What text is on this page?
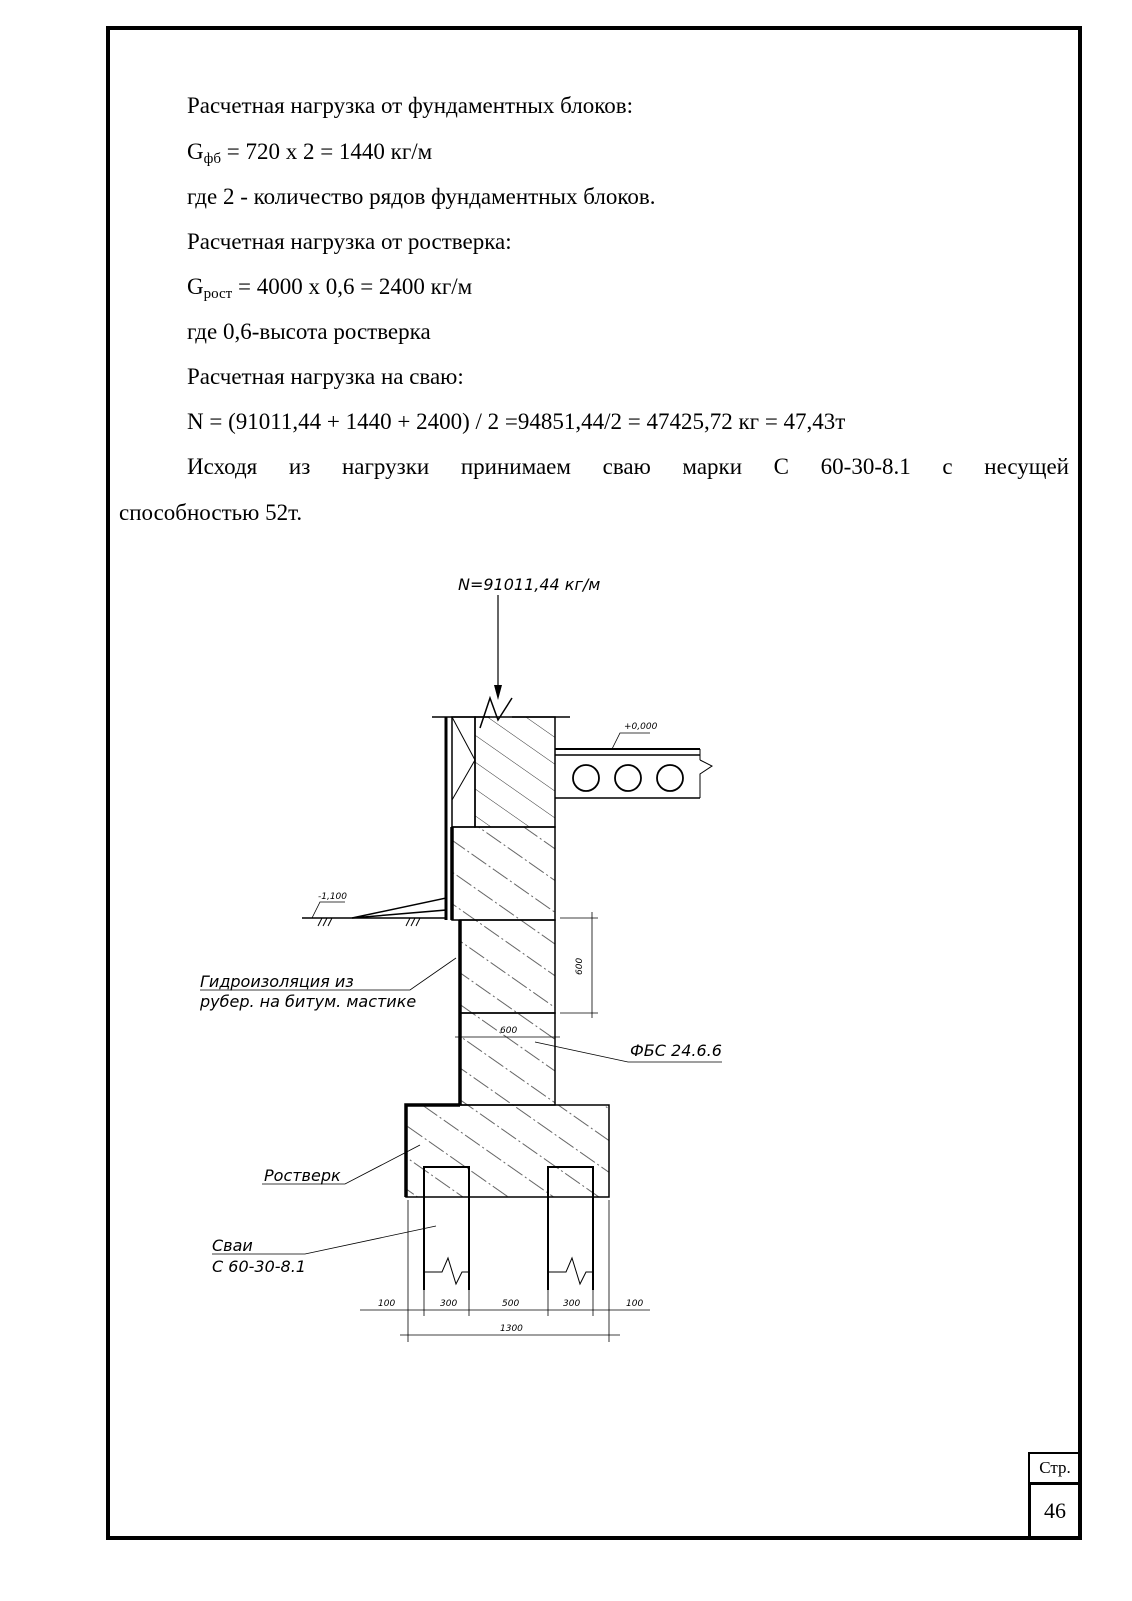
Расчетная нагрузка от фундаментных блоков:
$G_{фб} = 720$ х 2 = 1440 кг/м
где 2 - количество рядов фундаментных блоков.
Расчетная нагрузка от ростверка:
$G_{рост} = 4000$ х 0,6 = 2400 кг/м
где 0,6-высота ростверка
Расчетная нагрузка на сваю:
N = (91011,44 + 1440 + 2400) / 2 =94851,44/2 = 47425,72 кг = 47,43т
Исходя из нагрузки принимаем сваю марки С 60-30-8.1 с несущей
способностью 52т.
N=91011,44 кг/м
+0,000
-1,100
600
600
Гидроизоляция из
рубер. на битум. мастике
ФБС 24.6.6
Ростверк
Сваи
С 60-30-8.1
100	300	500	300	100
1300
Стр.
46
